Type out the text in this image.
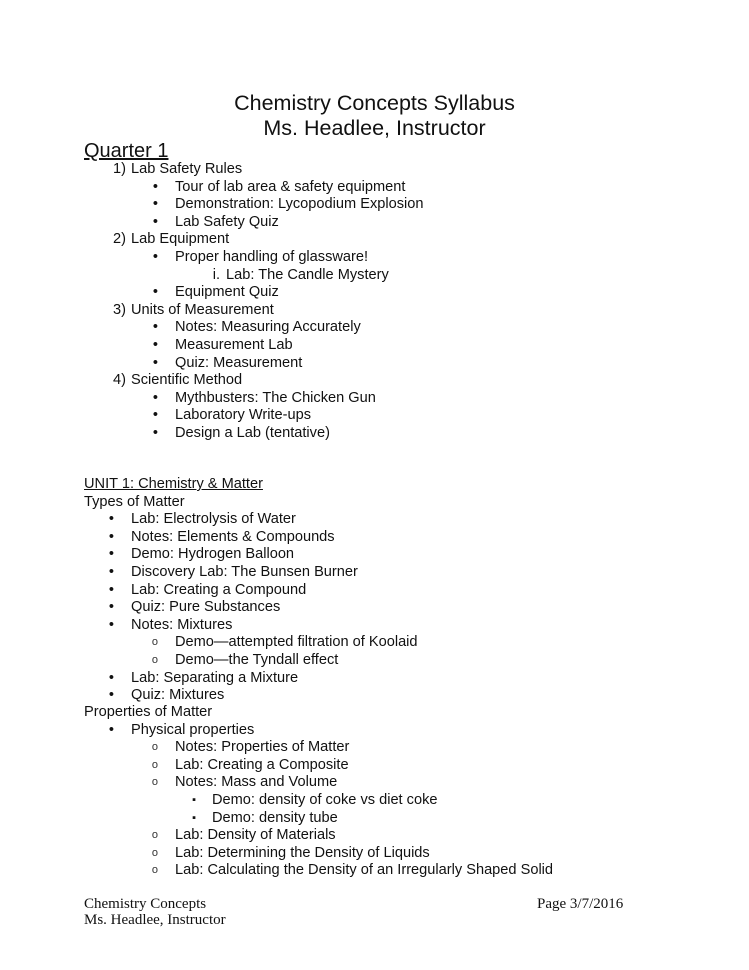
Chemistry Concepts Syllabus
Ms. Headlee, Instructor
Quarter 1
1) Lab Safety Rules
• Tour of lab area & safety equipment
• Demonstration: Lycopodium Explosion
• Lab Safety Quiz
2) Lab Equipment
• Proper handling of glassware!
i. Lab: The Candle Mystery
• Equipment Quiz
3) Units of Measurement
• Notes: Measuring Accurately
• Measurement Lab
• Quiz: Measurement
4) Scientific Method
• Mythbusters: The Chicken Gun
• Laboratory Write-ups
• Design a Lab (tentative)
UNIT 1: Chemistry & Matter
Types of Matter
• Lab: Electrolysis of Water
• Notes: Elements & Compounds
• Demo: Hydrogen Balloon
• Discovery Lab: The Bunsen Burner
• Lab: Creating a Compound
• Quiz: Pure Substances
• Notes: Mixtures
o Demo—attempted filtration of Koolaid
o Demo—the Tyndall effect
• Lab: Separating a Mixture
• Quiz: Mixtures
Properties of Matter
• Physical properties
o Notes: Properties of Matter
o Lab: Creating a Composite
o Notes: Mass and Volume
▪ Demo: density of coke vs diet coke
▪ Demo: density tube
o Lab: Density of Materials
o Lab: Determining the Density of Liquids
o Lab: Calculating the Density of an Irregularly Shaped Solid
Chemistry Concepts
Ms. Headlee, Instructor
Page 3/7/2016
